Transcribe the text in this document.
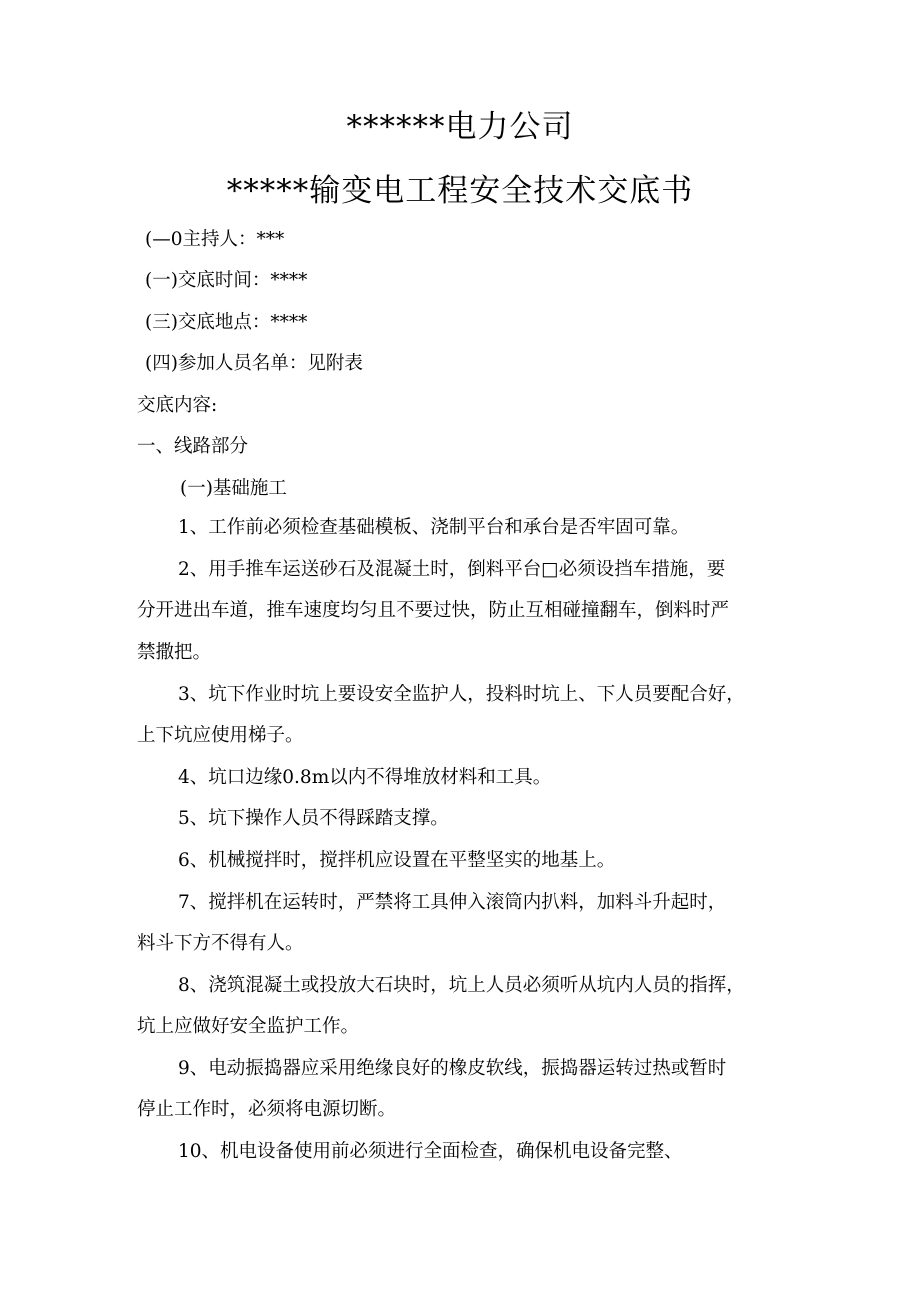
******电力公司
*****输变电工程安全技术交底书
(—0主持人：***
(一)交底时间：****
(三)交底地点：****
(四)参加人员名单：见附表
交底内容:
一、线路部分
(一)基础施工
1、工作前必须检查基础模板、浇制平台和承台是否牢固可靠。
2、用手推车运送砂石及混凝土时，倒料平台□必须设挡车措施，要
分开进出车道，推车速度均匀且不要过快，防止互相碰撞翻车，倒料时严
禁撒把。
3、坑下作业时坑上要设安全监护人，投料时坑上、下人员要配合好，
上下坑应使用梯子。
4、坑口边缘0.8m以内不得堆放材料和工具。
5、坑下操作人员不得踩踏支撑。
6、机械搅拌时，搅拌机应设置在平整坚实的地基上。
7、搅拌机在运转时，严禁将工具伸入滚筒内扒料，加料斗升起时，
料斗下方不得有人。
8、浇筑混凝土或投放大石块时，坑上人员必须听从坑内人员的指挥，
坑上应做好安全监护工作。
9、电动振捣器应采用绝缘良好的橡皮软线，振捣器运转过热或暂时
停止工作时，必须将电源切断。
10、机电设备使用前必须进行全面检查，确保机电设备完整、
